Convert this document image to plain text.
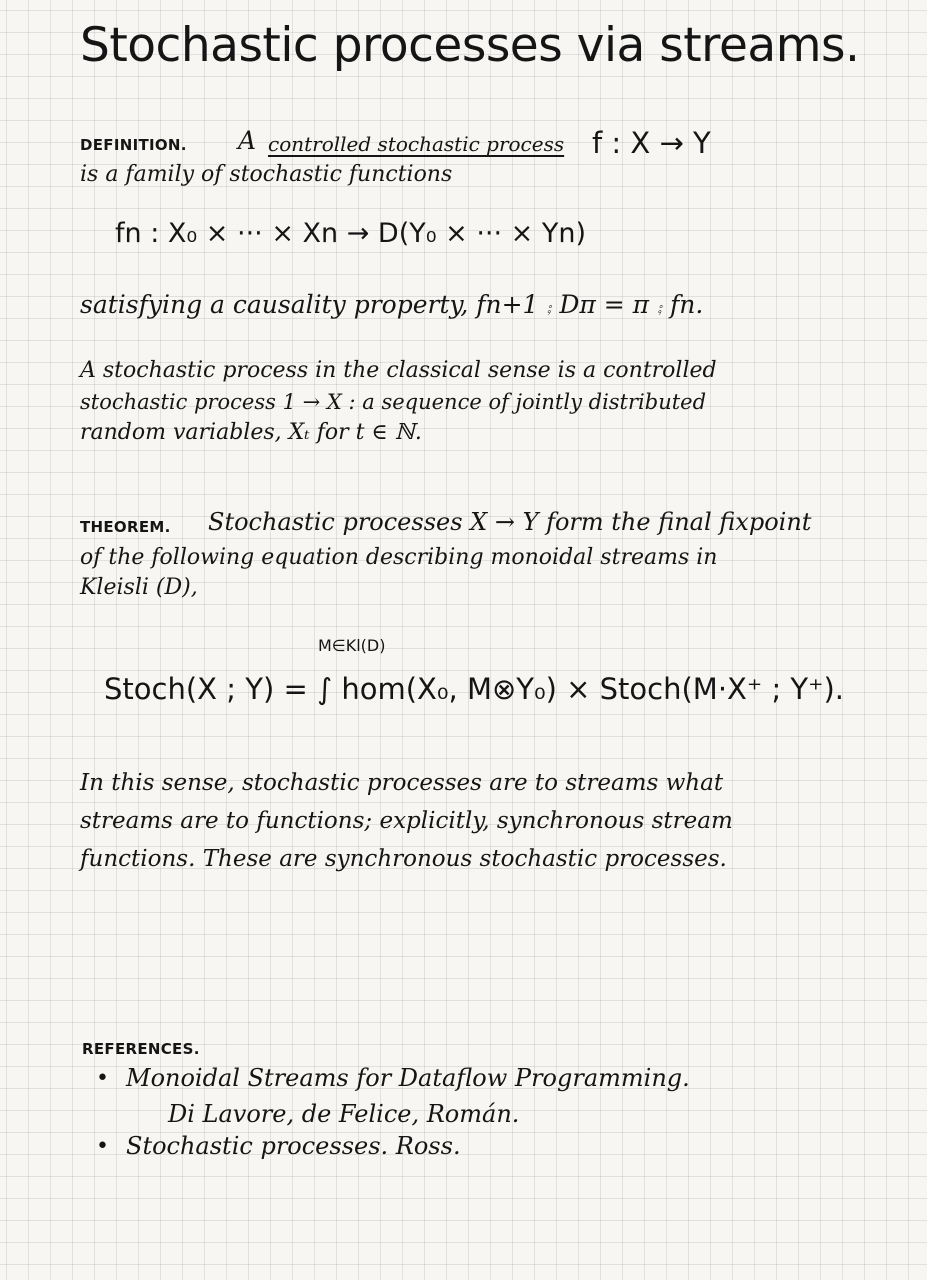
Stochastic processes via streams.
DEFINITION. A controlled stochastic process f : X → Y
is a family of stochastic functions
fn : X₀ × ··· × Xn → D(Y₀ × ··· × Yn)
satisfying a causality property, fn+1 ⨾ Dπ = π ⨾ fn.
A stochastic process in the classical sense is a controlled
stochastic process 1 → X : a sequence of jointly distributed
random variables, Xₜ for t ∈ ℕ.
THEOREM. Stochastic processes X → Y form the final fixpoint
of the following equation describing monoidal streams in
Kleisli (D),
M∈Kl(D)
Stoch(X ; Y) = ∫ hom(X₀, M⊗Y₀) × Stoch(M·X⁺ ; Y⁺).
In this sense, stochastic processes are to streams what
streams are to functions; explicitly, synchronous stream
functions. These are synchronous stochastic processes.
REFERENCES.
• Monoidal Streams for Dataflow Programming.
Di Lavore, de Felice, Román.
• Stochastic processes. Ross.
